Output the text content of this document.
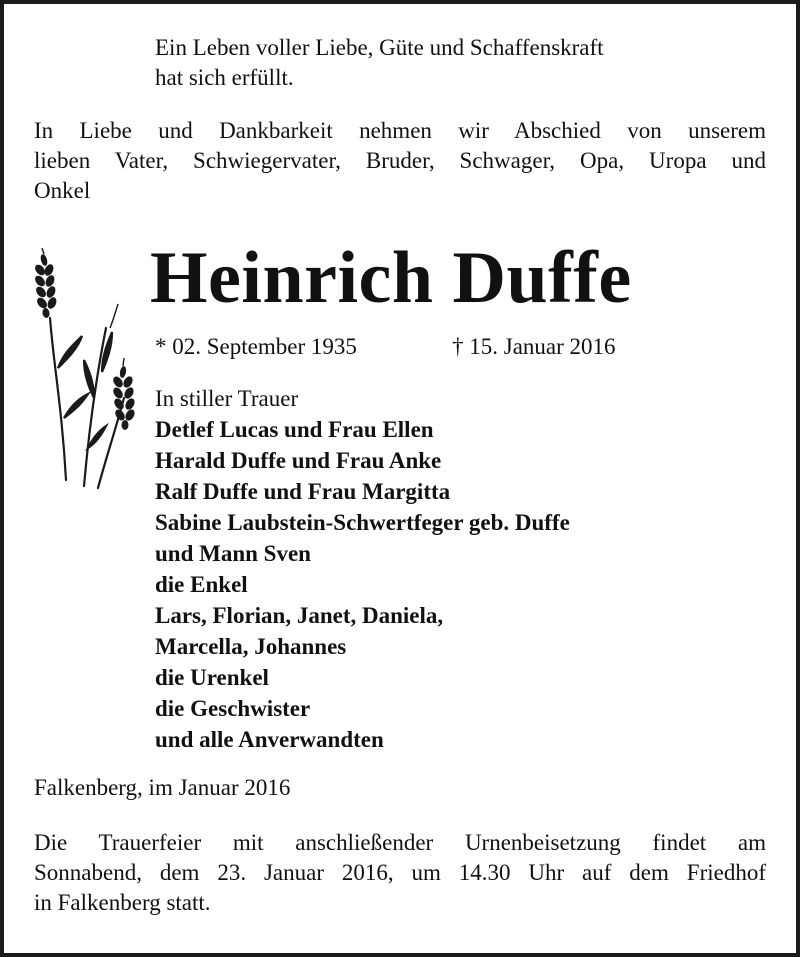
Ein Leben voller Liebe, Güte und Schaffenskraft
hat sich erfüllt.
In Liebe und Dankbarkeit nehmen wir Abschied von unserem
lieben Vater, Schwiegervater, Bruder, Schwager, Opa, Uropa und
Onkel
Heinrich Duffe
* 02. September 1935	† 15. Januar 2016
In stiller Trauer
Detlef Lucas und Frau Ellen
Harald Duffe und Frau Anke
Ralf Duffe und Frau Margitta
Sabine Laubstein-Schwertfeger geb. Duffe
und Mann Sven
die Enkel
Lars, Florian, Janet, Daniela,
Marcella, Johannes
die Urenkel
die Geschwister
und alle Anverwandten
Falkenberg, im Januar 2016
Die Trauerfeier mit anschließender Urnenbeisetzung findet am
Sonnabend, dem 23. Januar 2016, um 14.30 Uhr auf dem Friedhof
in Falkenberg statt.
